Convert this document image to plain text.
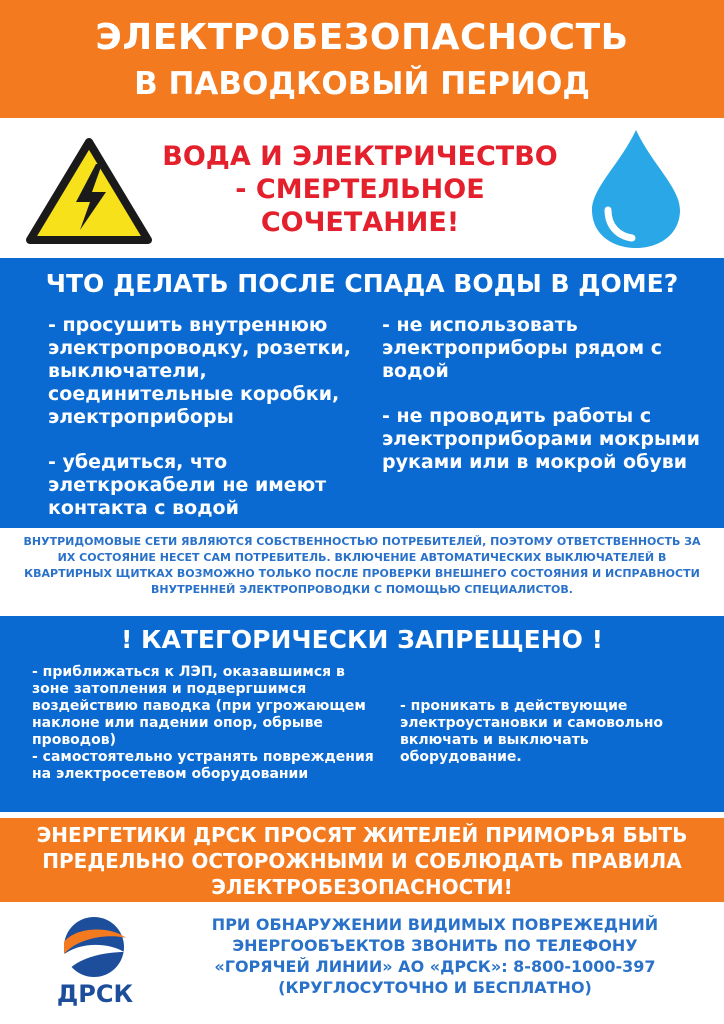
ЭЛЕКТРОБЕЗОПАСНОСТЬ
В ПАВОДКОВЫЙ ПЕРИОД
ВОДА И ЭЛЕКТРИЧЕСТВО
- СМЕРТЕЛЬНОЕ
СОЧЕТАНИЕ!
ЧТО ДЕЛАТЬ ПОСЛЕ СПАДА ВОДЫ В ДОМЕ?

- просушить внутреннюю электропроводку, розетки, выключатели, соединительные коробки, электроприборы

- убедиться, что элеткрокабели не имеют контакта с водой

- не использовать электроприборы рядом с водой

- не проводить работы с электроприборами мокрыми руками или в мокрой обуви

ВНУТРИДОМОВЫЕ СЕТИ ЯВЛЯЮТСЯ СОБСТВЕННОСТЬЮ ПОТРЕБИТЕЛЕЙ, ПОЭТОМУ ОТВЕТСТВЕННОСТЬ ЗА ИХ СОСТОЯНИЕ НЕСЕТ САМ ПОТРЕБИТЕЛЬ. ВКЛЮЧЕНИЕ АВТОМАТИЧЕСКИХ ВЫКЛЮЧАТЕЛЕЙ В КВАРТИРНЫХ ЩИТКАХ ВОЗМОЖНО ТОЛЬКО ПОСЛЕ ПРОВЕРКИ ВНЕШНЕГО СОСТОЯНИЯ И ИСПРАВНОСТИ ВНУТРЕННЕЙ ЭЛЕКТРОПРОВОДКИ С ПОМОЩЬЮ СПЕЦИАЛИСТОВ.
! КАТЕГОРИЧЕСКИ ЗАПРЕЩЕНО !

- приближаться к ЛЭП, оказавшимся в зоне затопления и подвергшимся воздействию паводка (при угрожающем наклоне или падении опор, обрыве проводов)

- самостоятельно устранять повреждения на электросетевом оборудовании

- проникать в действующие электроустановки и самовольно включать и выключать оборудование.

ЭНЕРГЕТИКИ ДРСК ПРОСЯТ ЖИТЕЛЕЙ ПРИМОРЬЯ БЫТЬ ПРЕДЕЛЬНО ОСТОРОЖНЫМИ И СОБЛЮДАТЬ ПРАВИЛА ЭЛЕКТРОБЕЗОПАСНОСТИ!
ДРСК
ПРИ ОБНАРУЖЕНИИ ВИДИМЫХ ПОВРЕЖЕДНИЙ
ЭНЕРГООБЪЕКТОВ ЗВОНИТЬ ПО ТЕЛЕФОНУ
«ГОРЯЧЕЙ ЛИНИИ» АО «ДРСК»: 8-800-1000-397
(КРУГЛОСУТОЧНО И БЕСПЛАТНО)
